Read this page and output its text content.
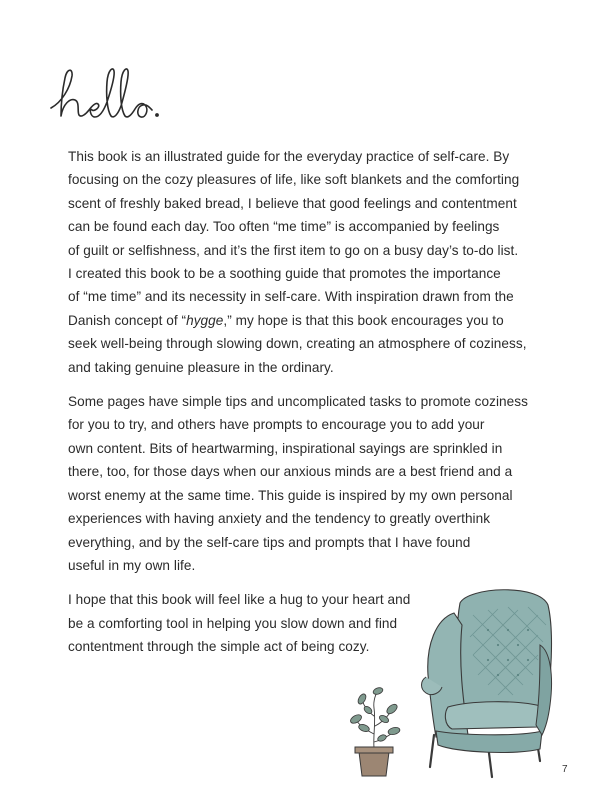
This book is an illustrated guide for the everyday practice of self-care. By
focusing on the cozy pleasures of life, like soft blankets and the comforting
scent of freshly baked bread, I believe that good feelings and contentment
can be found each day. Too often “me time” is accompanied by feelings
of guilt or selfishness, and it’s the first item to go on a busy day’s to-do list.
I created this book to be a soothing guide that promotes the importance
of “me time” and its necessity in self-care. With inspiration drawn from the
Danish concept of “hygge,” my hope is that this book encourages you to
seek well-being through slowing down, creating an atmosphere of coziness,
and taking genuine pleasure in the ordinary.

Some pages have simple tips and uncomplicated tasks to promote coziness
for you to try, and others have prompts to encourage you to add your
own content. Bits of heartwarming, inspirational sayings are sprinkled in
there, too, for those days when our anxious minds are a best friend and a
worst enemy at the same time. This guide is inspired by my own personal
experiences with having anxiety and the tendency to greatly overthink
everything, and by the self-care tips and prompts that I have found
useful in my own life.

I hope that this book will feel like a hug to your heart and
be a comforting tool in helping you slow down and find
contentment through the simple act of being cozy.

7
